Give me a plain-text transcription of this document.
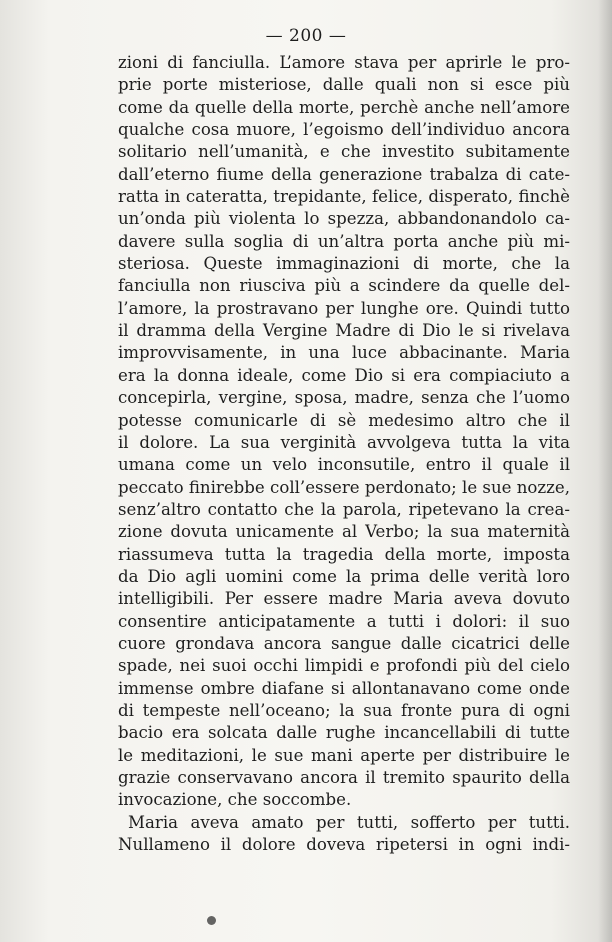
— 200 —
zioni di fanciulla. L’amore stava per aprirle le pro-
prie porte misteriose, dalle quali non si esce più
come da quelle della morte, perchè anche nell’amore
qualche cosa muore, l’egoismo dell’individuo ancora
solitario nell’umanità, e che investito subitamente
dall’eterno fiume della generazione trabalza di cate-
ratta in cateratta, trepidante, felice, disperato, finchè
un’onda più violenta lo spezza, abbandonandolo ca-
davere sulla soglia di un’altra porta anche più mi-
steriosa. Queste immaginazioni di morte, che la
fanciulla non riusciva più a scindere da quelle del-
l’amore, la prostravano per lunghe ore. Quindi tutto
il dramma della Vergine Madre di Dio le si rivelava
improvvisamente, in una luce abbacinante. Maria
era la donna ideale, come Dio si era compiaciuto a
concepirla, vergine, sposa, madre, senza che l’uomo
potesse comunicarle di sè medesimo altro che il
il dolore. La sua verginità avvolgeva tutta la vita
umana come un velo inconsutile, entro il quale il
peccato finirebbe coll’essere perdonato; le sue nozze,
senz’altro contatto che la parola, ripetevano la crea-
zione dovuta unicamente al Verbo; la sua maternità
riassumeva tutta la tragedia della morte, imposta
da Dio agli uomini come la prima delle verità loro
intelligibili. Per essere madre Maria aveva dovuto
consentire anticipatamente a tutti i dolori: il suo
cuore grondava ancora sangue dalle cicatrici delle
spade, nei suoi occhi limpidi e profondi più del cielo
immense ombre diafane si allontanavano come onde
di tempeste nell’oceano; la sua fronte pura di ogni
bacio era solcata dalle rughe incancellabili di tutte
le meditazioni, le sue mani aperte per distribuire le
grazie conservavano ancora il tremito spaurito della
invocazione, che soccombe.
Maria aveva amato per tutti, sofferto per tutti.
Nullameno il dolore doveva ripetersi in ogni indi-
